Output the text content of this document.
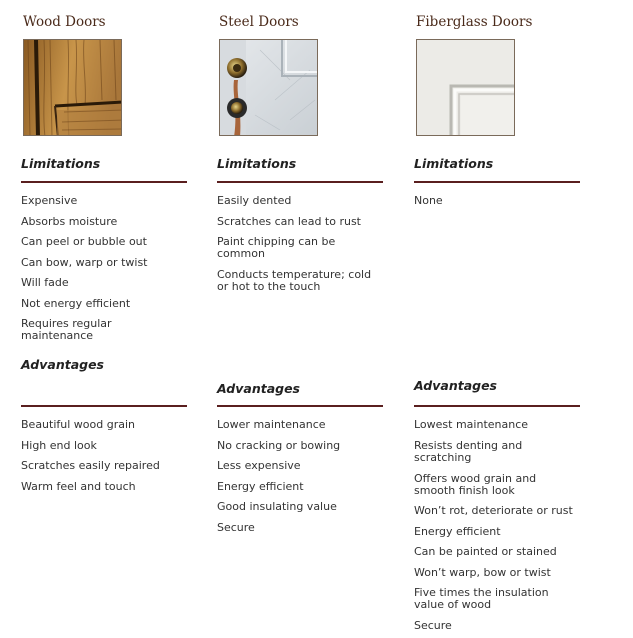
Wood Doors
Limitations
Expensive
Absorbs moisture
Can peel or bubble out
Can bow, warp or twist
Will fade
Not energy efficient
Requires regular maintenance
Advantages
Beautiful wood grain
High end look
Scratches easily repaired
Warm feel and touch
Steel Doors
Limitations
Easily dented
Scratches can lead to rust
Paint chipping can be common
Conducts temperature; cold or hot to the touch
Advantages
Lower maintenance
No cracking or bowing
Less expensive
Energy efficient
Good insulating value
Secure
Fiberglass Doors
Limitations
None
Advantages
Lowest maintenance
Resists denting and scratching
Offers wood grain and smooth finish look
Won’t rot, deteriorate or rust
Energy efficient
Can be painted or stained
Won’t warp, bow or twist
Five times the insulation value of wood
Secure
